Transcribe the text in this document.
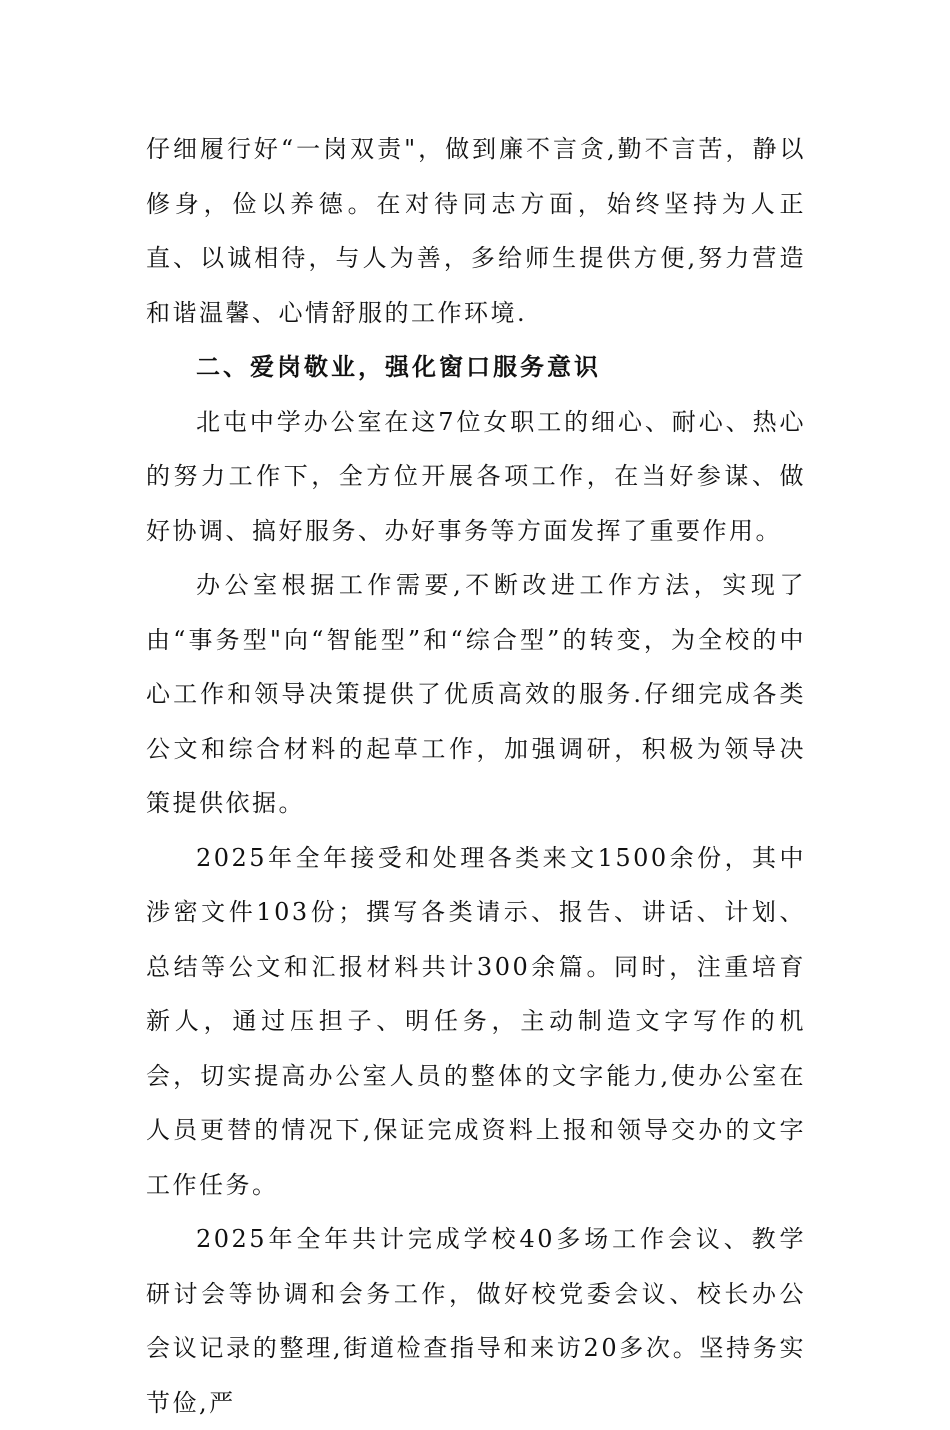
仔细履行好“一岗双责"，做到廉不言贪,勤不言苦，静以修身，俭以养德。在对待同志方面，始终坚持为人正直、以诚相待，与人为善，多给师生提供方便,努力营造和谐温馨、心情舒服的工作环境.

二、爱岗敬业，强化窗口服务意识

北屯中学办公室在这7位女职工的细心、耐心、热心的努力工作下，全方位开展各项工作，在当好参谋、做好协调、搞好服务、办好事务等方面发挥了重要作用。

办公室根据工作需要,不断改进工作方法，实现了由“事务型"向“智能型”和“综合型”的转变，为全校的中心工作和领导决策提供了优质高效的服务.仔细完成各类公文和综合材料的起草工作，加强调研，积极为领导决策提供依据。

2025年全年接受和处理各类来文1500余份，其中涉密文件103份；撰写各类请示、报告、讲话、计划、总结等公文和汇报材料共计300余篇。同时，注重培育新人，通过压担子、明任务，主动制造文字写作的机会，切实提高办公室人员的整体的文字能力,使办公室在人员更替的情况下,保证完成资料上报和领导交办的文字工作任务。

2025年全年共计完成学校40多场工作会议、教学研讨会等协调和会务工作，做好校党委会议、校长办公会议记录的整理,街道检查指导和来访20多次。坚持务实节俭,严
